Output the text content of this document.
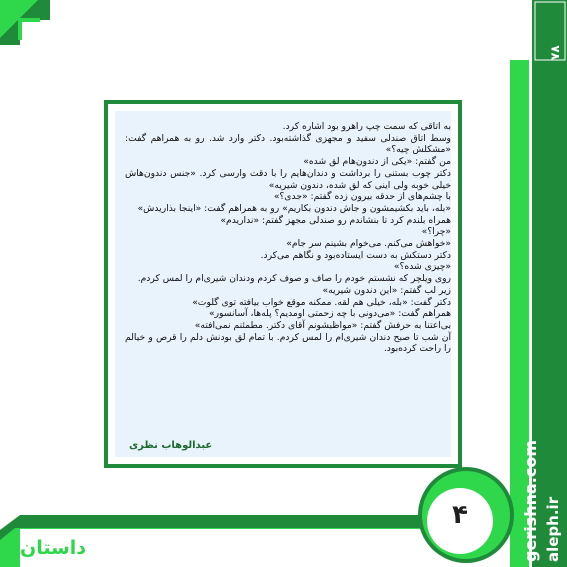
gerishna.com aleph.ir
۷۸

به اتاقی که سمت چپ راهرو بود اشاره کرد.

وسط اتاق صندلی سفید و مجهزی گذاشته‌بود. دکتر وارد شد. رو به همراهم گفت: «مشکلش چیه؟»

من گفتم: «یکی از دندون‌هام لق شده»

دکتر چوب بستنی را برداشت و دندان‌هایم را با دقت وارسی کرد. «جنس دندون‌هاش خیلی خوبه ولی اینی که لق شده، دندون شیریه»

با چشم‌های از حدقه بیرون زده گفتم: «جدی؟»

«بله، باید بکشیمشون و جاش دندون بکاریم» رو به همراهم گفت: «اینجا بذاریدش»

همراه بلندم کرد تا بنشاندم رو صندلی مجهز گفتم: «نداریدم»

«چرا؟»

«خواهش می‌کنم. می‌خوام بشینم سر جام»

دکتر دستکش به دست ایستاده‌بود و نگاهم می‌کرد.

«چیزی شده؟»

روی ویلچر که نشستم خودم را صاف و صوف کردم ودندان شیری‌ام را لمس کردم.

زیر لب گفتم: «این دندون شیریه»

دکتر گفت: «بله، خیلی هم لقه. ممکنه موقع خواب بیافته توی گلوت»

همراهم گفت: «می‌دونی با چه زحمتی اومدیم؟ پله‌ها، آسانسور»

بی‌اعتنا به حرفش گفتم: «مواظبشونم آقای دکتر. مطمئنم نمی‌افته»

آن شب تا صبح دندان شیری‌ام را لمس کردم. با تمام لق بودنش دلم را قرص و خیالم را راحت کرده‌بود.

عبدالوهاب نظری
۴
داستان
